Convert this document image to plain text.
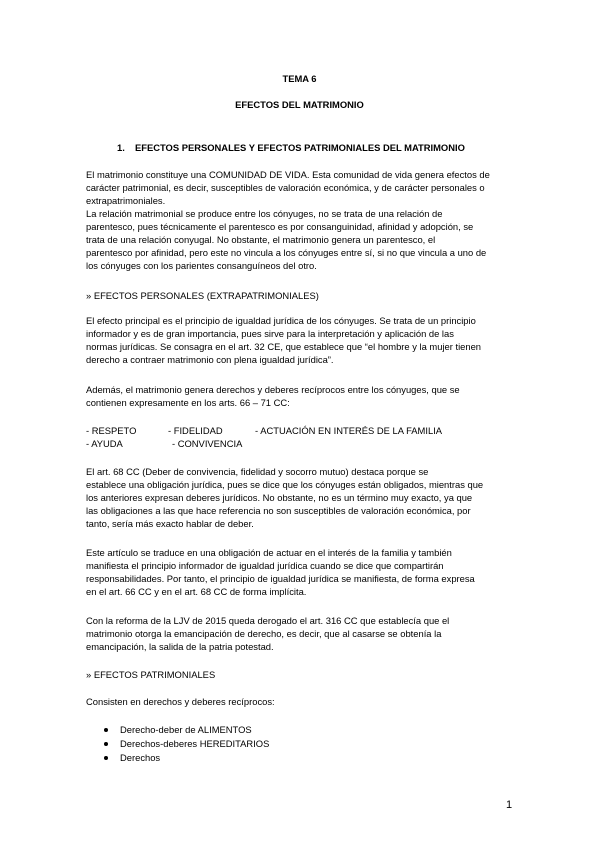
TEMA 6
EFECTOS DEL MATRIMONIO
1. EFECTOS PERSONALES Y EFECTOS PATRIMONIALES DEL MATRIMONIO
El matrimonio constituye una COMUNIDAD DE VIDA. Esta comunidad de vida genera efectos de
carácter patrimonial, es decir, susceptibles de valoración económica, y de carácter personales o
extrapatrimoniales.
La relación matrimonial se produce entre los cónyuges, no se trata de una relación de
parentesco, pues técnicamente el parentesco es por consanguinidad, afinidad y adopción, se
trata de una relación conyugal. No obstante, el matrimonio genera un parentesco, el
parentesco por afinidad, pero este no vincula a los cónyuges entre sí, si no que vincula a uno de
los cónyuges con los parientes consanguíneos del otro.
» EFECTOS PERSONALES (EXTRAPATRIMONIALES)
El efecto principal es el principio de igualdad jurídica de los cónyuges. Se trata de un principio
informador y es de gran importancia, pues sirve para la interpretación y aplicación de las
normas jurídicas. Se consagra en el art. 32 CE, que establece que “el hombre y la mujer tienen
derecho a contraer matrimonio con plena igualdad jurídica”.
Además, el matrimonio genera derechos y deberes recíprocos entre los cónyuges, que se
contienen expresamente en los arts. 66 – 71 CC:
- RESPETO	- FIDELIDAD	- ACTUACIÓN EN INTERÉS DE LA FAMILIA
- AYUDA	- CONVIVENCIA
El art. 68 CC (Deber de convivencia, fidelidad y socorro mutuo) destaca porque se
establece una obligación jurídica, pues se dice que los cónyuges están obligados, mientras que
los anteriores expresan deberes jurídicos. No obstante, no es un término muy exacto, ya que
las obligaciones a las que hace referencia no son susceptibles de valoración económica, por
tanto, sería más exacto hablar de deber.
Este artículo se traduce en una obligación de actuar en el interés de la familia y también
manifiesta el principio informador de igualdad jurídica cuando se dice que compartirán
responsabilidades. Por tanto, el principio de igualdad jurídica se manifiesta, de forma expresa
en el art. 66 CC y en el art. 68 CC de forma implícita.
Con la reforma de la LJV de 2015 queda derogado el art. 316 CC que establecía que el
matrimonio otorga la emancipación de derecho, es decir, que al casarse se obtenía la
emancipación, la salida de la patria potestad.
» EFECTOS PATRIMONIALES
Consisten en derechos y deberes recíprocos:
Derecho-deber de ALIMENTOS
Derechos-deberes HEREDITARIOS
Derechos
1
